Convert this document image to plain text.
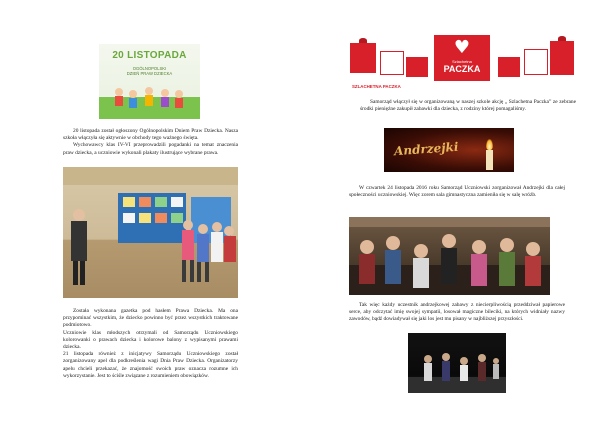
20 LISTOPADA
OGÓLNOPOLSKI
DZIEŃ PRAW DZIECKA

20 listopada został ogłoszony Ogólnopolskim Dniem Praw Dziecka. Nasza szkoła włączyła się aktywnie w obchody tego ważnego święta.

Wychowawcy klas IV-VI przeprowadzili pogadanki na temat znaczenia praw dziecka, a uczniowie wykonali plakaty ilustrujące wybrane prawa.

Została wykonana gazetka pod hasłem Prawa Dziecka. Ma ona przypominać wszystkim, że dziecko powinno być przez wszystkich traktowane podmiotowo.

Uczniowie klas młodszych otrzymali od Samorządu Uczniowskiego kolorowanki o prawach dziecka i kolorowe balony z wypisanymi prawami dziecka.

21 listopada również z inicjatywy Samorządu Uczniowskiego został zorganizowany apel dla podkreślenia wagi Dnia Praw Dziecka. Organizatorzy apelu chcieli przekazać, że znajomość swoich praw oznacza rozumne ich wykorzystanie. Jest to ściśle związane z rozumieniem obowiązków.

♥
Szlachetna
PACZKA
SZLACHETNA PACZKA

Samorząd włączył się w organizowaną w naszej szkole akcję „ Szlachetna Paczka” ze zebrane środki pieniężne zakupił zabawki dla dziecka, z rodziny której pomagaliśmy.

Andrzejki

W czwartek 24 listopada 2016 roku Samorząd Uczniowski zorganizował Andrzejki dla całej społeczności uczniowskiej. Więc zorem sala gimnastyczna zamieniła się w salę wróżb.

Tak więc każdy uczestnik andrzejkowej zabawy z niecierpliwością przeddziwał papierowe serce, aby odczytać imię swojej sympatii, losował magiczne bileciki, na których widniały nazwy zawodów, bądź dowiadywał się jaki los jest mu pisany w najbliższej przyszłości.
